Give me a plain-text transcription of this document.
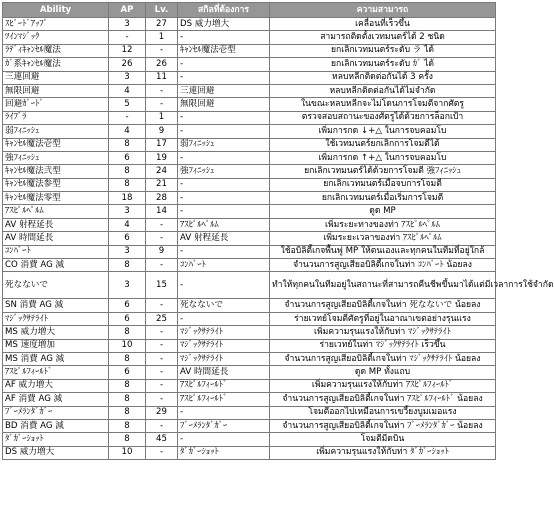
Ability	AP	Lv.	สกิลที่ต้องการ	ความสามารถ
ｽﾋﾟｰﾄﾞｱｯﾌﾟ	3	27	DS 威力増大	เคลื่อนที่เร็วขึ้น
ﾂｲﾝﾏｼﾞｯｸ	-	1	-	สามารถติดตั้งเวทมนตร์ได้ 2 ชนิด
ﾗﾃﾞｨｷｬﾝｾﾙ魔法	12	-	ｷｬﾝｾﾙ魔法壱型	ยกเลิกเวทมนตร์ระดับ ラ ได้
ｶﾞ系ｷｬﾝｾﾙ魔法	26	26	-	ยกเลิกเวทมนตร์ระดับ ｶﾞ ได้
三連回避	3	11	-	หลบหลีกติดต่อกันได้ 3 ครั้ง
無限回避	4	-	三連回避	หลบหลีกติดต่อกันได้ไม่จำกัด
回避ｶﾞｰﾄﾞ	5	-	無限回避	ในขณะหลบหลีกจะไม่โดนการโจมตีจากศัตรู
ﾗｲﾌﾞﾗ	-	1	-	ตรวจสอบสถานะของศัตรูได้ด้วยการล็อกเป้า
弱ﾌｨﾆｯｼｭ	4	9	-	เพิ่มการกด ↓+△ ในการจบคอมโบ
ｷｬﾝｾﾙ魔法壱型	8	17	弱ﾌｨﾆｯｼｭ	ใช้เวทมนตร์ยกเลิกการโจมตีได้
強ﾌｨﾆｯｼｭ	6	19	-	เพิ่มการกด ↑+△ ในการจบคอมโบ
ｷｬﾝｾﾙ魔法弐型	8	24	強ﾌｨﾆｯｼｭ	ยกเลิกเวทมนตร์ได้ด้วยการโจมตี 強ﾌｨﾆｯｼｭ
ｷｬﾝｾﾙ魔法参型	8	21	-	ยกเลิกเวทมนตร์เมื่อจบการโจมตี
ｷｬﾝｾﾙ魔法零型	18	28	-	ยกเลิกเวทมนตร์เมื่อเริ่มการโจมตี
ｱｽﾋﾟﾙﾍﾟﾙﾑ	3	14	-	ดูด MP
AV 射程延長	4	-	ｱｽﾋﾟﾙﾍﾟﾙﾑ	เพิ่มระยะทางของท่า ｱｽﾋﾟﾙﾍﾟﾙﾑ
AV 時間延長	6	-	AV 射程延長	เพิ่มระยะเวลาของท่า ｱｽﾋﾟﾙﾍﾟﾙﾑ
ｺﾝﾊﾞｰﾄ	3	9	-	ใช้อบิลิตี้เกจพื้นฟู MP ให้ตนเองและทุกคนในทีมที่อยู่ใกล้
CO 消費 AG 減	8	-	ｺﾝﾊﾞｰﾄ	จำนวนการสูญเสียอบิลิตี้เกจในท่า ｺﾝﾊﾞｰﾄ น้อยลง
死なないで	3	15	-	ทำให้ทุกคนในทีมอยู่ในสถานะที่สามารถคืนชีพขึ้นมาได้แต่มีเวลาการใช้จำกัด
SN 消費 AG 減	6	-	死なないで	จำนวนการสูญเสียอบิลิตี้เกจในท่า 死なないで น้อยลง
ﾏｼﾞｯｸｻﾃﾗｲﾄ	6	25	-	ร่ายเวทย์โจมตีศัตรูที่อยู่ในอาณาเขตอย่างรุนแรง
MS 威力増大	8	-	ﾏｼﾞｯｸｻﾃﾗｲﾄ	เพิ่มความรุนแรงให้กับท่า ﾏｼﾞｯｸｻﾃﾗｲﾄ
MS 速度増加	10	-	ﾏｼﾞｯｸｻﾃﾗｲﾄ	ร่ายเวทย์ในท่า ﾏｼﾞｯｸｻﾃﾗｲﾄ เร็วขึ้น
MS 消費 AG 減	8	-	ﾏｼﾞｯｸｻﾃﾗｲﾄ	จำนวนการสูญเสียอบิลิตี้เกจในท่า ﾏｼﾞｯｸｻﾃﾗｲﾄ น้อยลง
ｱｽﾋﾟﾙﾌｨｰﾙﾄﾞ	6	-	AV 時間延長	ดูด MP ทั้งแถบ
AF 威力増大	8	-	ｱｽﾋﾟﾙﾌｨｰﾙﾄﾞ	เพิ่มความรุนแรงให้กับท่า ｱｽﾋﾟﾙﾌｨｰﾙﾄﾞ
AF 消費 AG 減	8	-	ｱｽﾋﾟﾙﾌｨｰﾙﾄﾞ	จำนวนการสูญเสียอบิลิตี้เกจในท่า ｱｽﾋﾟﾙﾌｨｰﾙﾄﾞ น้อยลง
ﾌﾞｰﾒﾗﾝﾀﾞｶﾞｰ	8	29	-	โจมตีออกไปเหมือนการเขวี้ยงบูมเมอแรง
BD 消費 AG 減	8	-	ﾌﾞｰﾒﾗﾝﾀﾞｶﾞｰ	จำนวนการสูญเสียอบิลิตี้เกจในท่า ﾌﾞｰﾒﾗﾝﾀﾞｶﾞｰ น้อยลง
ﾀﾞｶﾞｰｼｮｯﾄ	8	45	-	โจมตีมีดบิน
DS 威力増大	10	-	ﾀﾞｶﾞｰｼｮｯﾄ	เพิ่มความรุนแรงให้กับท่า ﾀﾞｶﾞｰｼｮｯﾄ
